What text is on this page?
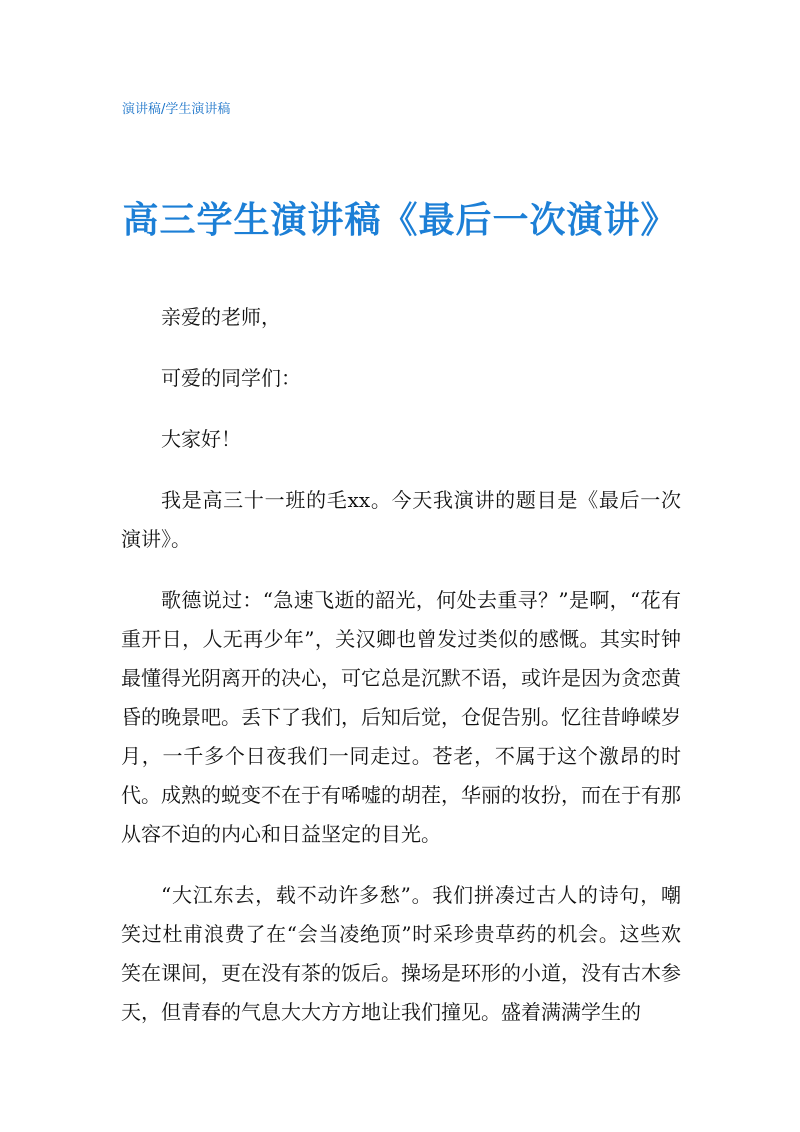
演讲稿/学生演讲稿
高三学生演讲稿《最后一次演讲》

亲爱的老师，

可爱的同学们：

大家好！

我是高三十一班的毛xx。今天我演讲的题目是《最后一次演讲》。

歌德说过：“急速飞逝的韶光，何处去重寻？”是啊，“花有重开日，人无再少年”，关汉卿也曾发过类似的感慨。其实时钟最懂得光阴离开的决心，可它总是沉默不语，或许是因为贪恋黄昏的晚景吧。丢下了我们，后知后觉，仓促告别。忆往昔峥嵘岁月，一千多个日夜我们一同走过。苍老，不属于这个激昂的时代。成熟的蜕变不在于有唏嘘的胡茬，华丽的妆扮，而在于有那从容不迫的内心和日益坚定的目光。

“大江东去，载不动许多愁”。我们拼凑过古人的诗句，嘲笑过杜甫浪费了在“会当凌绝顶”时采珍贵草药的机会。这些欢笑在课间，更在没有茶的饭后。操场是环形的小道，没有古木参天，但青春的气息大大方方地让我们撞见。盛着满满学生的
